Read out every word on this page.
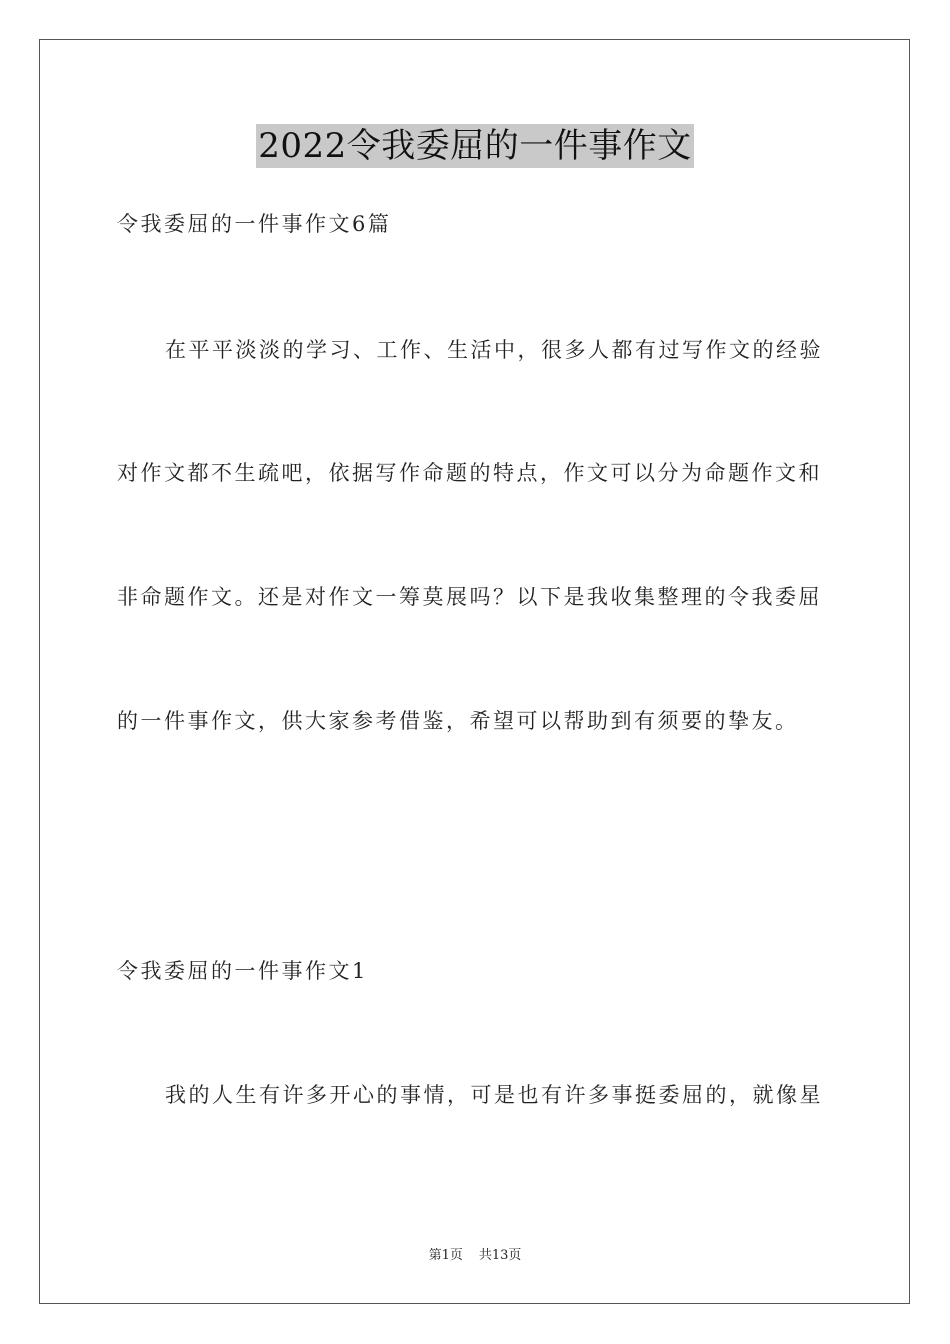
2022令我委屈的一件事作文
令我委屈的一件事作文6篇
在平平淡淡的学习、工作、生活中，很多人都有过写作文的经验
对作文都不生疏吧，依据写作命题的特点，作文可以分为命题作文和
非命题作文。还是对作文一筹莫展吗？以下是我收集整理的令我委屈
的一件事作文，供大家参考借鉴，希望可以帮助到有须要的挚友。
令我委屈的一件事作文1
我的人生有许多开心的事情，可是也有许多事挺委屈的，就像星
第1页 共13页
